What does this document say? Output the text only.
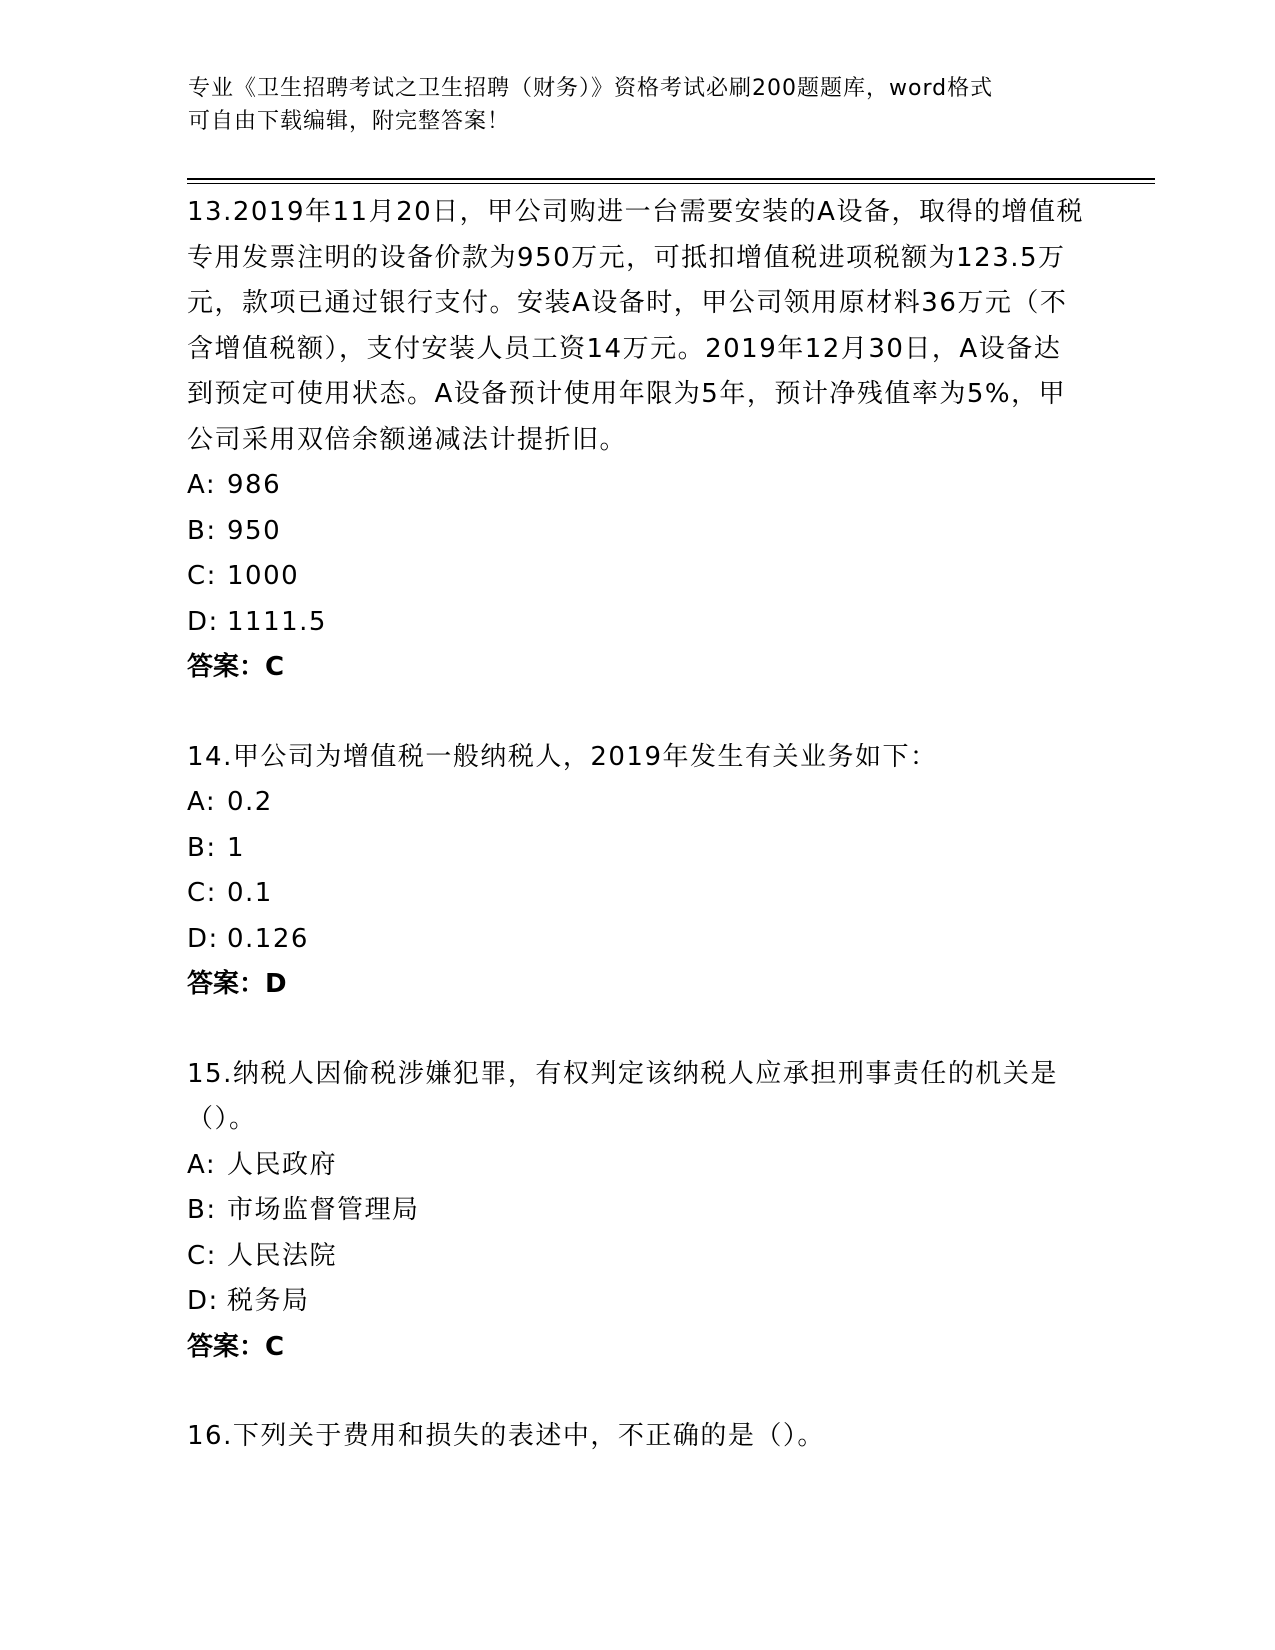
专业《卫生招聘考试之卫生招聘（财务）》资格考试必刷200题题库，word格式
可自由下载编辑，附完整答案！

13.2019年11月20日，甲公司购进一台需要安装的A设备，取得的增值税专用发票注明的设备价款为950万元，可抵扣增值税进项税额为123.5万元，款项已通过银行支付。安装A设备时，甲公司领用原材料36万元（不含增值税额），支付安装人员工资14万元。2019年12月30日，A设备达到预定可使用状态。A设备预计使用年限为5年，预计净残值率为5%，甲公司采用双倍余额递减法计提折旧。

A: 986

B: 950

C: 1000

D: 1111.5

答案：C

14.甲公司为增值税一般纳税人，2019年发生有关业务如下：

A: 0.2

B: 1

C: 0.1

D: 0.126

答案：D

15.纳税人因偷税涉嫌犯罪，有权判定该纳税人应承担刑事责任的机关是（）。

A: 人民政府

B: 市场监督管理局

C: 人民法院

D: 税务局

答案：C

16.下列关于费用和损失的表述中，不正确的是（）。
